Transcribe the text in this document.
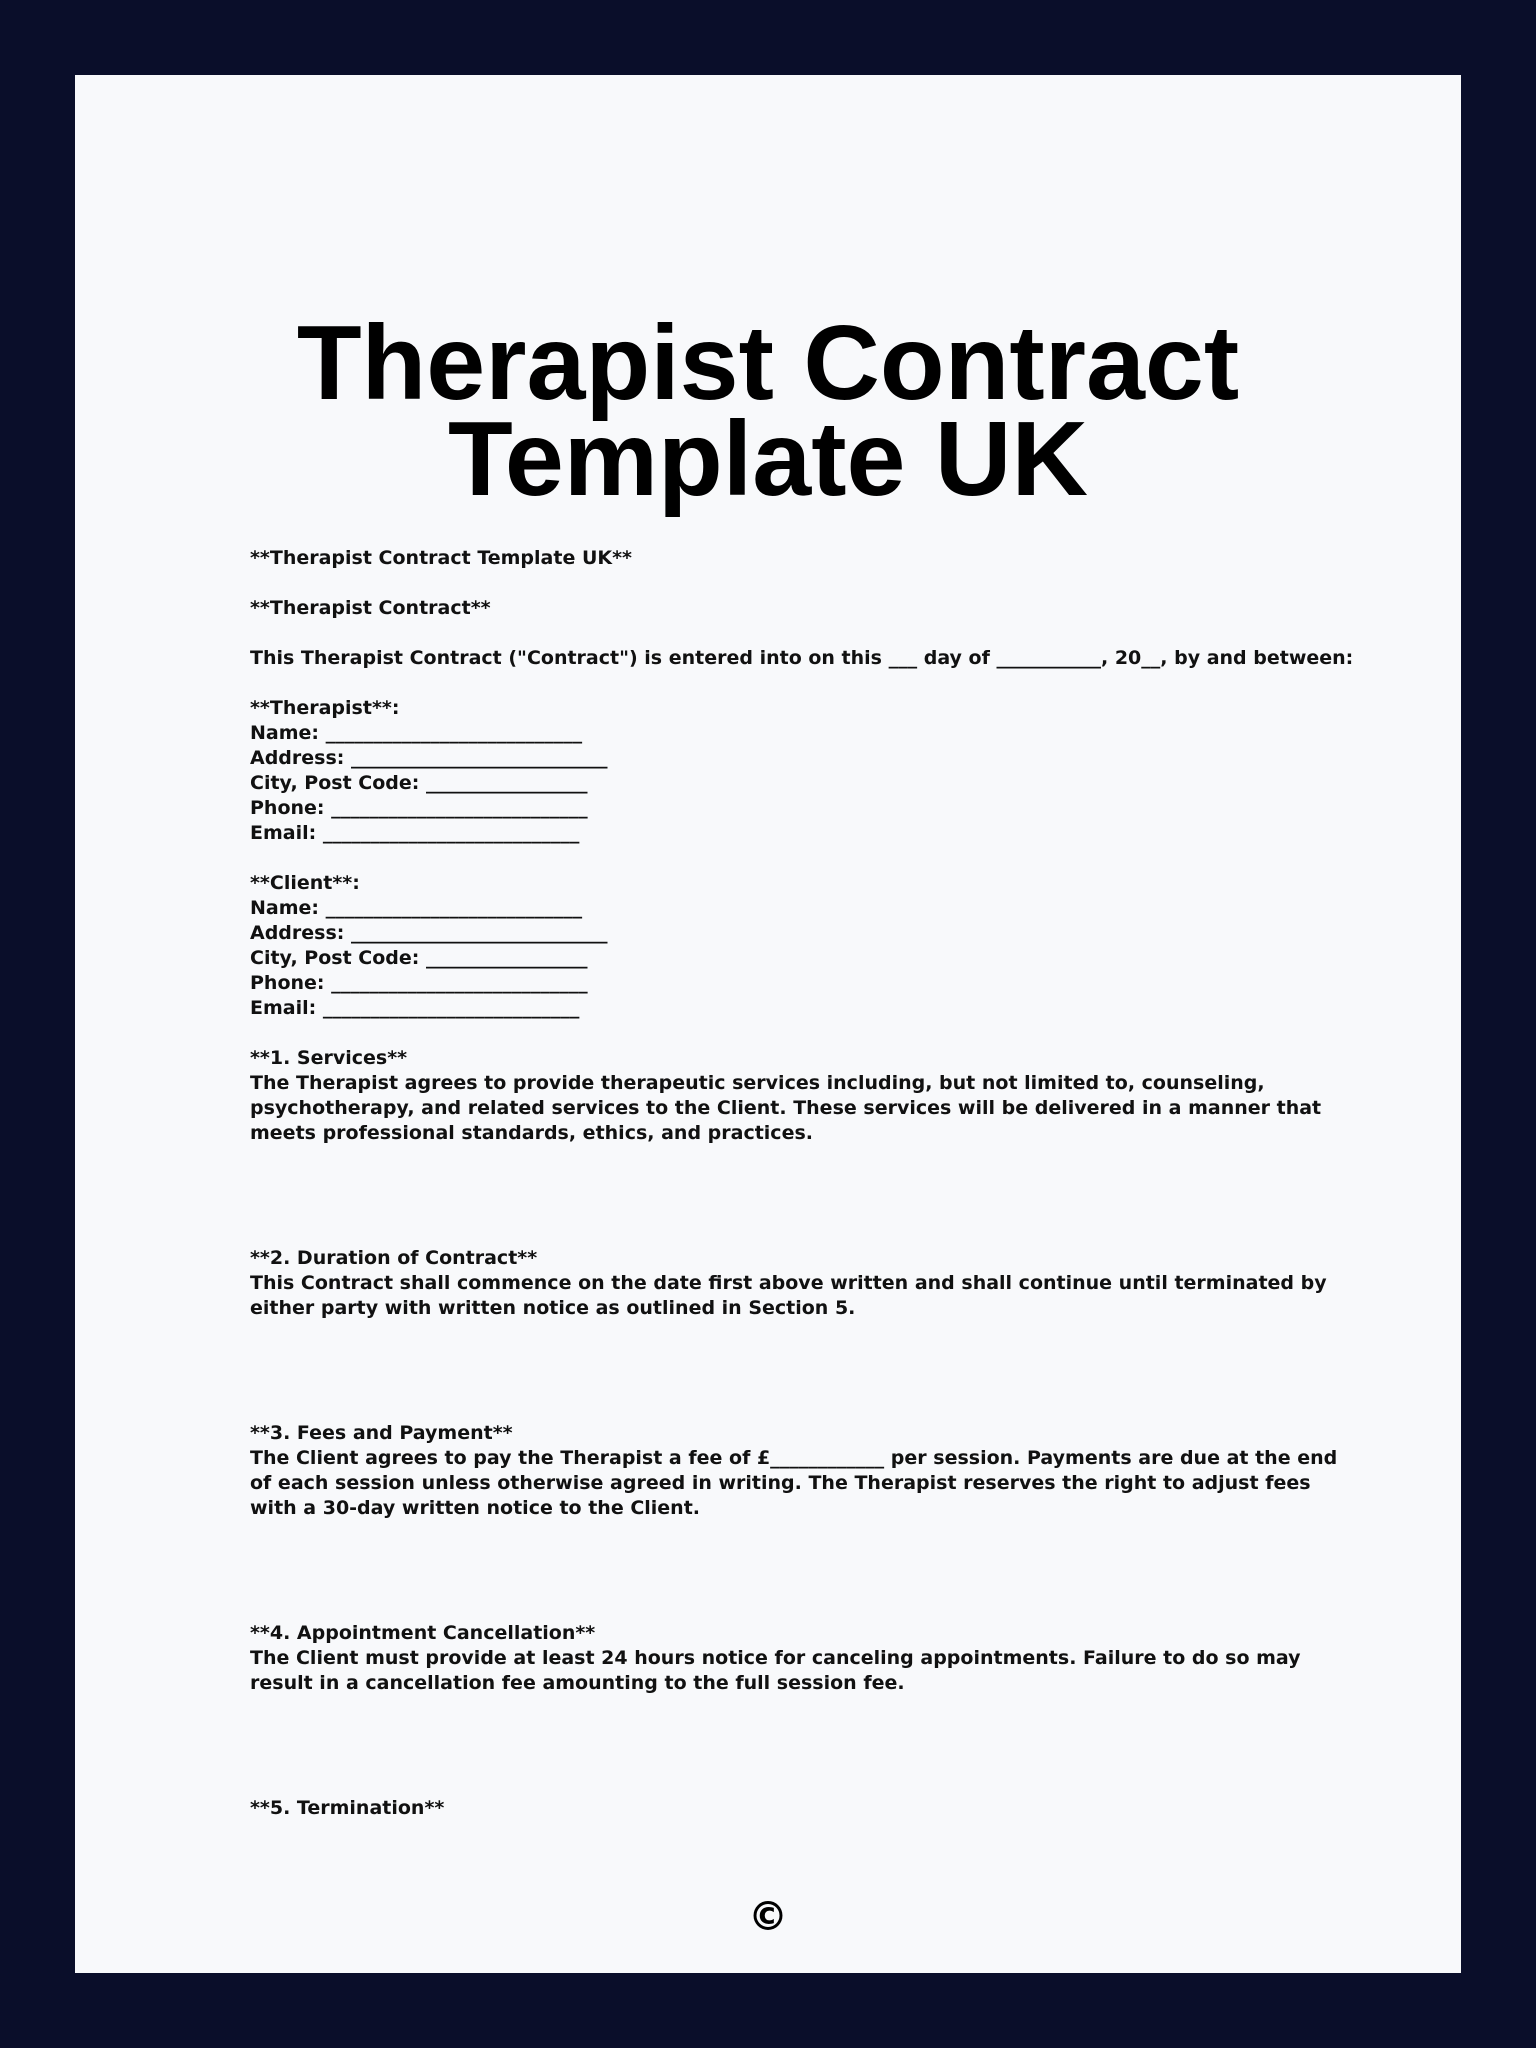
Therapist Contract Template UK

**Therapist Contract Template UK**

**Therapist Contract**

This Therapist Contract ("Contract") is entered into on this ___ day of ___________, 20__, by and between:

**Therapist**:

Name: ___________________________

Address: ___________________________

City, Post Code: _________________

Phone: ___________________________

Email: ___________________________

**Client**:

Name: ___________________________

Address: ___________________________

City, Post Code: _________________

Phone: ___________________________

Email: ___________________________

**1. Services**

The Therapist agrees to provide therapeutic services including, but not limited to, counseling, psychotherapy, and related services to the Client. These services will be delivered in a manner that meets professional standards, ethics, and practices.

**2. Duration of Contract**

This Contract shall commence on the date first above written and shall continue until terminated by either party with written notice as outlined in Section 5.

**3. Fees and Payment**

The Client agrees to pay the Therapist a fee of £____________ per session. Payments are due at the end of each session unless otherwise agreed in writing. The Therapist reserves the right to adjust fees with a 30-day written notice to the Client.

**4. Appointment Cancellation**

The Client must provide at least 24 hours notice for canceling appointments. Failure to do so may result in a cancellation fee amounting to the full session fee.

**5. Termination**

©
